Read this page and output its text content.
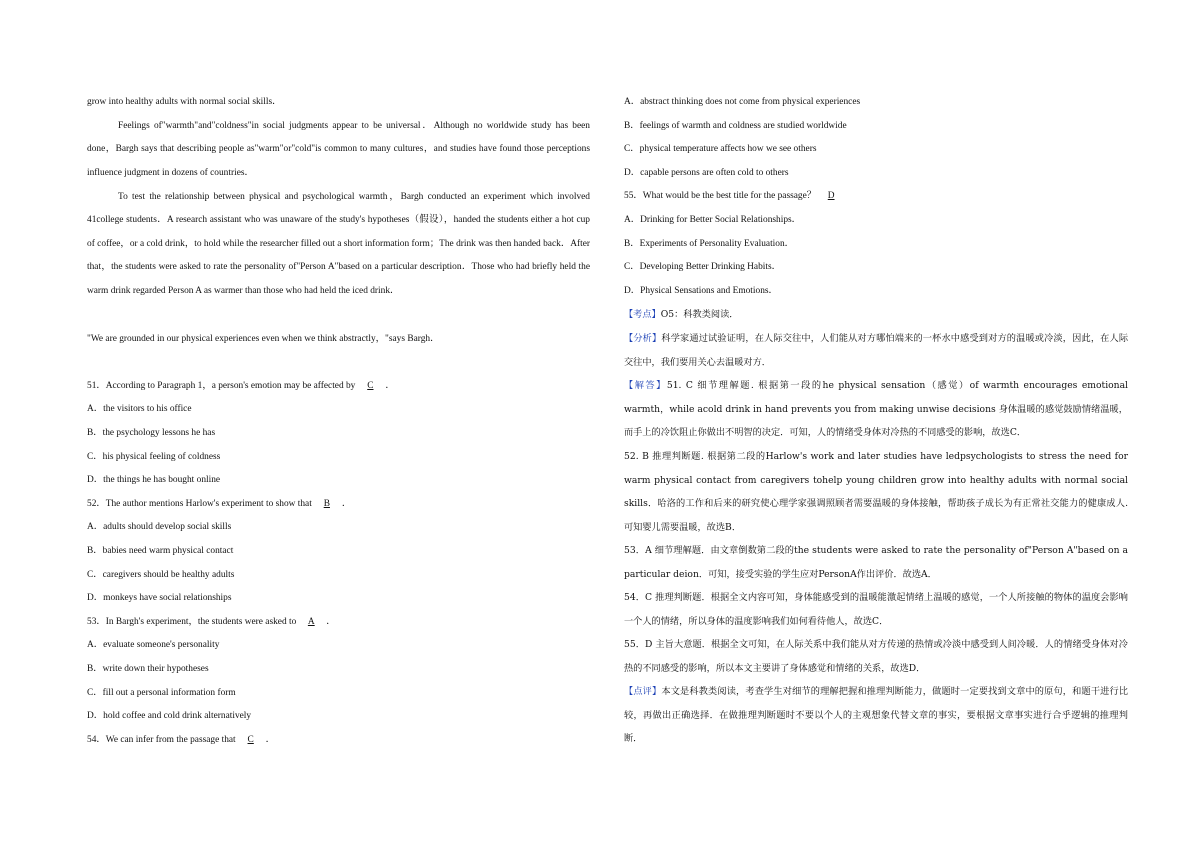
grow into healthy adults with normal social skills．
Feelings of"warmth"and"coldness"in social judgments appear to be universal．Although no worldwide study has been done，Bargh says that describing people as"warm"or"cold"is common to many cultures，and studies have found those perceptions influence judgment in dozens of countries．
To test the relationship between physical and psychological warmth，Bargh conducted an experiment which involved 41college students．A research assistant who was unaware of the study's hypotheses（假设），handed the students either a hot cup of coffee，or a cold drink，to hold while the researcher filled out a short information form；The drink was then handed back．After that，the students were asked to rate the personality of"Person A"based on a particular description．Those who had briefly held the warm drink regarded Person A as warmer than those who had held the iced drink．
"We are grounded in our physical experiences even when we think abstractly，"says Bargh．
51．According to Paragraph 1，a person's emotion may be affected by C ．
A．the visitors to his office
B．the psychology lessons he has
C．his physical feeling of coldness
D．the things he has bought online
52．The author mentions Harlow's experiment to show that B ．
A．adults should develop social skills
B．babies need warm physical contact
C．caregivers should be healthy adults
D．monkeys have social relationships
53．In Bargh's experiment，the students were asked to A ．
A．evaluate someone's personality
B．write down their hypotheses
C．fill out a personal information form
D．hold coffee and cold drink alternatively
54．We can infer from the passage that C ．
A．abstract thinking does not come from physical experiences
B．feelings of warmth and coldness are studied worldwide
C．physical temperature affects how we see others
D．capable persons are often cold to others
55．What would be the best title for the passage？ D
A．Drinking for Better Social Relationships．
B．Experiments of Personality Evaluation．
C．Developing Better Drinking Habits．
D．Physical Sensations and Emotions．
【考点】O5：科教类阅读．
【分析】科学家通过试验证明，在人际交往中，人们能从对方哪怕端来的一杯水中感受到对方的温暖或冷淡，因此，在人际交往中，我们要用关心去温暖对方．
【解答】51. C 细节理解题. 根据第一段的he physical sensation（感觉）of warmth encourages emotional warmth，while acold drink in hand prevents you from making unwise decisions 身体温暖的感觉鼓励情绪温暖，而手上的冷饮阻止你做出不明智的决定．可知，人的情绪受身体对冷热的不同感受的影响，故选C．
52. B 推理判断题. 根据第二段的Harlow's work and later studies have ledpsychologists to stress the need for warm physical contact from caregivers tohelp young children grow into healthy adults with normal social skills．哈洛的工作和后来的研究使心理学家强调照顾者需要温暖的身体接触，帮助孩子成长为有正常社交能力的健康成人. 可知婴儿需要温暖，故选B．
53．A 细节理解题．由文章倒数第二段的the students were asked to rate the personality of"Person A"based on a particular deion．可知，接受实验的学生应对PersonA作出评价．故选A．
54．C 推理判断题．根据全文内容可知，身体能感受到的温暖能激起情绪上温暖的感觉，一个人所接触的物体的温度会影响一个人的情绪，所以身体的温度影响我们如何看待他人，故选C．
55．D 主旨大意题．根据全文可知，在人际关系中我们能从对方传递的热情或冷淡中感受到人间冷暖．人的情绪受身体对冷热的不同感受的影响，所以本文主要讲了身体感觉和情绪的关系，故选D．
【点评】本文是科教类阅读，考查学生对细节的理解把握和推理判断能力，做题时一定要找到文章中的原句，和题干进行比较，再做出正确选择．在做推理判断题时不要以个人的主观想象代替文章的事实，要根据文章事实进行合乎逻辑的推理判断．
